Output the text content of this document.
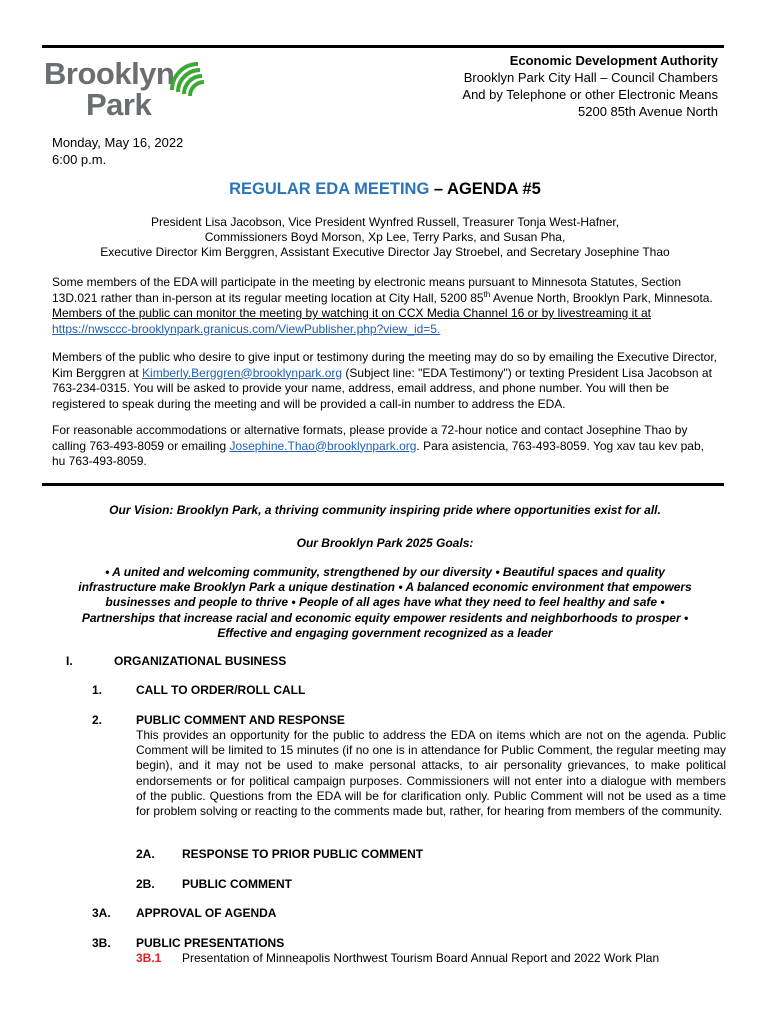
Brooklyn
Park
Economic Development Authority
Brooklyn Park City Hall – Council Chambers
And by Telephone or other Electronic Means
5200 85th Avenue North
Monday, May 16, 2022
6:00 p.m.
REGULAR EDA MEETING – AGENDA #5
President Lisa Jacobson, Vice President Wynfred Russell, Treasurer Tonja West-Hafner,
Commissioners Boyd Morson, Xp Lee, Terry Parks, and Susan Pha,
Executive Director Kim Berggren, Assistant Executive Director Jay Stroebel, and Secretary Josephine Thao
Some members of the EDA will participate in the meeting by electronic means pursuant to Minnesota Statutes, Section 13D.021 rather than in-person at its regular meeting location at City Hall, 5200 85th Avenue North, Brooklyn Park, Minnesota. Members of the public can monitor the meeting by watching it on CCX Media Channel 16 or by livestreaming it at https://nwsccc-brooklynpark.granicus.com/ViewPublisher.php?view_id=5.
Members of the public who desire to give input or testimony during the meeting may do so by emailing the Executive Director, Kim Berggren at Kimberly.Berggren@brooklynpark.org (Subject line: "EDA Testimony") or texting President Lisa Jacobson at 763-234-0315. You will be asked to provide your name, address, email address, and phone number. You will then be registered to speak during the meeting and will be provided a call-in number to address the EDA.
For reasonable accommodations or alternative formats, please provide a 72-hour notice and contact Josephine Thao by calling 763-493-8059 or emailing Josephine.Thao@brooklynpark.org. Para asistencia, 763-493-8059. Yog xav tau kev pab, hu 763-493-8059.
Our Vision: Brooklyn Park, a thriving community inspiring pride where opportunities exist for all.
Our Brooklyn Park 2025 Goals:
• A united and welcoming community, strengthened by our diversity • Beautiful spaces and quality infrastructure make Brooklyn Park a unique destination • A balanced economic environment that empowers businesses and people to thrive • People of all ages have what they need to feel healthy and safe • Partnerships that increase racial and economic equity empower residents and neighborhoods to prosper • Effective and engaging government recognized as a leader
I.	ORGANIZATIONAL BUSINESS
1.	CALL TO ORDER/ROLL CALL
2.	PUBLIC COMMENT AND RESPONSE
This provides an opportunity for the public to address the EDA on items which are not on the agenda. Public Comment will be limited to 15 minutes (if no one is in attendance for Public Comment, the regular meeting may begin), and it may not be used to make personal attacks, to air personality grievances, to make political endorsements or for political campaign purposes. Commissioners will not enter into a dialogue with members of the public. Questions from the EDA will be for clarification only. Public Comment will not be used as a time for problem solving or reacting to the comments made but, rather, for hearing from members of the community.
2A. RESPONSE TO PRIOR PUBLIC COMMENT
2B. PUBLIC COMMENT
3A. APPROVAL OF AGENDA
3B. PUBLIC PRESENTATIONS
3B.1 Presentation of Minneapolis Northwest Tourism Board Annual Report and 2022 Work Plan
